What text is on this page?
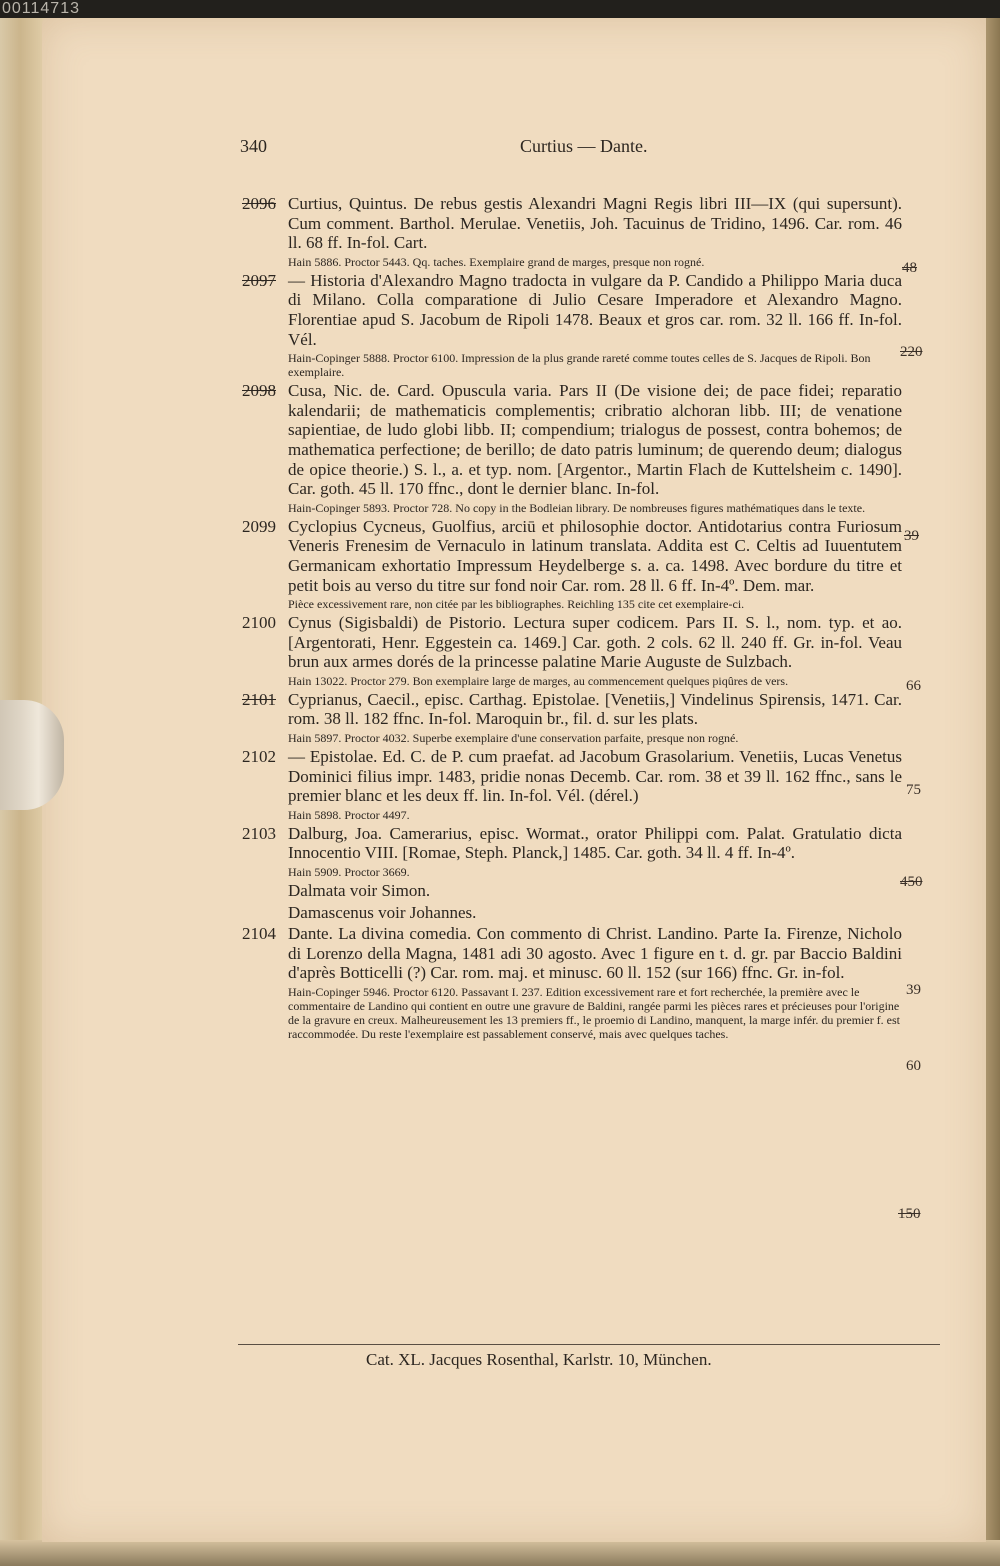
00114713
340	Curtius — Dante.
2096 Curtius, Quintus. De rebus gestis Alexandri Magni Regis libri III—IX (qui supersunt). Cum comment. Barthol. Merulae. Venetiis, Joh. Tacuinus de Tridino, 1496. Car. rom. 46 ll. 68 ff. In-fol. Cart.
Hain 5886. Proctor 5443. Qq. taches. Exemplaire grand de marges, presque non rogné.
2097 — Historia d'Alexandro Magno tradocta in vulgare da P. Candido a Philippo Maria duca di Milano. Colla comparatione di Julio Cesare Imperadore et Alexandro Magno. Florentiae apud S. Jacobum de Ripoli 1478. Beaux et gros car. rom. 32 ll. 166 ff. In-fol. Vél.
Hain-Copinger 5888. Proctor 6100. Impression de la plus grande rareté comme toutes celles de S. Jacques de Ripoli. Bon exemplaire.
2098 Cusa, Nic. de. Card. Opuscula varia. Pars II (De visione dei; de pace fidei; reparatio kalendarii; de mathematicis complementis; cribratio alchoran libb. III; de venatione sapientiae, de ludo globi libb. II; compendium; trialogus de possest, contra bohemos; de mathematica perfectione; de berillo; de dato patris luminum; de querendo deum; dialogus de opice theorie.) S. l., a. et typ. nom. [Argentor., Martin Flach de Kuttelsheim c. 1490]. Car. goth. 45 ll. 170 ffnc., dont le dernier blanc. In-fol.
Hain-Copinger 5893. Proctor 728. No copy in the Bodleian library. De nombreuses figures mathématiques dans le texte.
2099 Cyclopius Cycneus, Guolfius, arciū et philosophie doctor. Antidotarius contra Furiosum Veneris Frenesim de Vernaculo in latinum translata. Addita est C. Celtis ad Iuuentutem Germanicam exhortatio Impressum Heydelberge s. a. ca. 1498. Avec bordure du titre et petit bois au verso du titre sur fond noir Car. rom. 28 ll. 6 ff. In-4º. Dem. mar.
Pièce excessivement rare, non citée par les bibliographes. Reichling 135 cite cet exemplaire-ci.
2100 Cynus (Sigisbaldi) de Pistorio. Lectura super codicem. Pars II. S. l., nom. typ. et ao. [Argentorati, Henr. Eggestein ca. 1469.] Car. goth. 2 cols. 62 ll. 240 ff. Gr. in-fol. Veau brun aux armes dorés de la princesse palatine Marie Auguste de Sulzbach.
Hain 13022. Proctor 279. Bon exemplaire large de marges, au commencement quelques piqûres de vers.
2101 Cyprianus, Caecil., episc. Carthag. Epistolae. [Venetiis,] Vindelinus Spirensis, 1471. Car. rom. 38 ll. 182 ffnc. In-fol. Maroquin br., fil. d. sur les plats.
Hain 5897. Proctor 4032. Superbe exemplaire d'une conservation parfaite, presque non rogné.
2102 — Epistolae. Ed. C. de P. cum praefat. ad Jacobum Grasolarium. Venetiis, Lucas Venetus Dominici filius impr. 1483, pridie nonas Decemb. Car. rom. 38 et 39 ll. 162 ffnc., sans le premier blanc et les deux ff. lin. In-fol. Vél. (dérel.)
Hain 5898. Proctor 4497.
2103 Dalburg, Joa. Camerarius, episc. Wormat., orator Philippi com. Palat. Gratulatio dicta Innocentio VIII. [Romae, Steph. Planck,] 1485. Car. goth. 34 ll. 4 ff. In-4º.
Hain 5909. Proctor 3669.
Dalmata voir Simon.
Damascenus voir Johannes.
2104 Dante. La divina comedia. Con commento di Christ. Landino. Parte Ia. Firenze, Nicholo di Lorenzo della Magna, 1481 adi 30 agosto. Avec 1 figure en t. d. gr. par Baccio Baldini d'après Botticelli (?) Car. rom. maj. et minusc. 60 ll. 152 (sur 166) ffnc. Gr. in-fol.
Hain-Copinger 5946. Proctor 6120. Passavant I. 237. Edition excessivement rare et fort recherchée, la première avec le commentaire de Landino qui contient en outre une gravure de Baldini, rangée parmi les pièces rares et précieuses pour l'origine de la gravure en creux. Malheureusement les 13 premiers ff., le proemio di Landino, manquent, la marge infér. du premier f. est raccommodée. Du reste l'exemplaire est passablement conservé, mais avec quelques taches.
48
220
39
66
75
450
39
60
150
Cat. XL. Jacques Rosenthal, Karlstr. 10, München.
